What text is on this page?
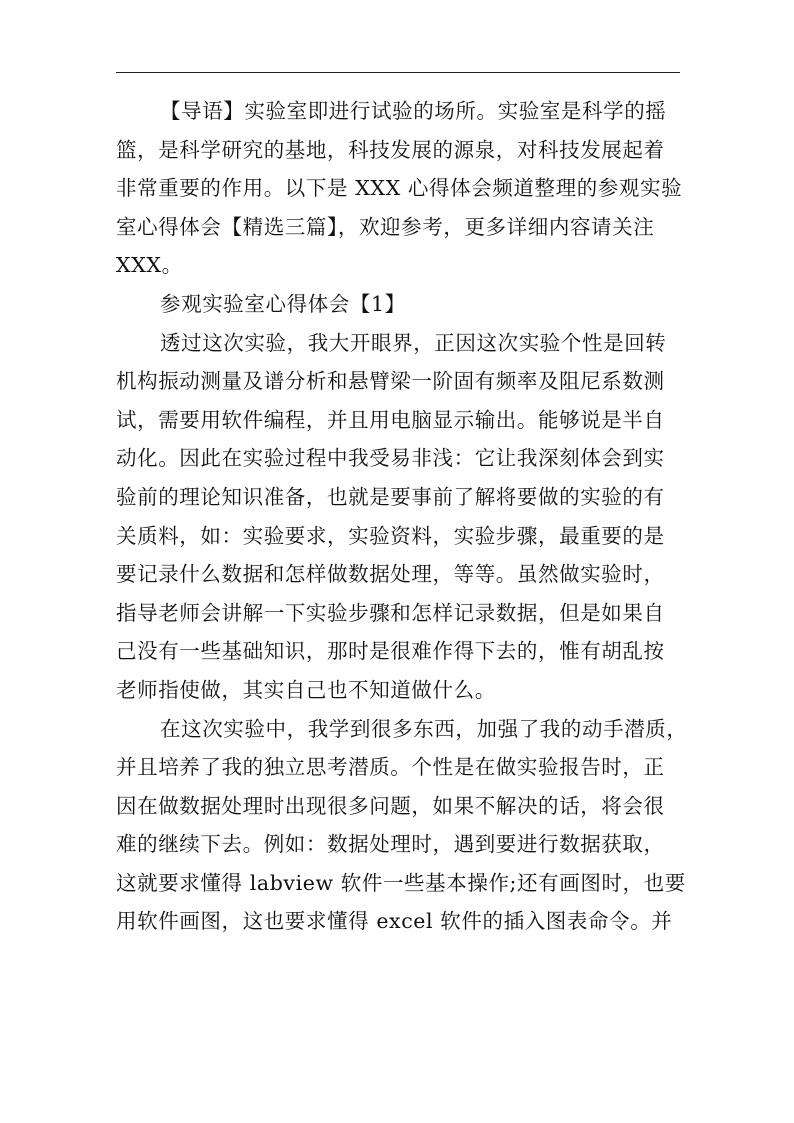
【导语】实验室即进行试验的场所。实验室是科学的摇
篮，是科学研究的基地，科技发展的源泉，对科技发展起着
非常重要的作用。以下是 XXX 心得体会频道整理的参观实验
室心得体会【精选三篇】，欢迎参考，更多详细内容请关注
XXX。
参观实验室心得体会【1】
透过这次实验，我大开眼界，正因这次实验个性是回转
机构振动测量及谱分析和悬臂梁一阶固有频率及阻尼系数测
试，需要用软件编程，并且用电脑显示输出。能够说是半自
动化。因此在实验过程中我受易非浅：它让我深刻体会到实
验前的理论知识准备，也就是要事前了解将要做的实验的有
关质料，如：实验要求，实验资料，实验步骤，最重要的是
要记录什么数据和怎样做数据处理，等等。虽然做实验时，
指导老师会讲解一下实验步骤和怎样记录数据，但是如果自
己没有一些基础知识，那时是很难作得下去的，惟有胡乱按
老师指使做，其实自己也不知道做什么。
在这次实验中，我学到很多东西，加强了我的动手潜质，
并且培养了我的独立思考潜质。个性是在做实验报告时，正
因在做数据处理时出现很多问题，如果不解决的话，将会很
难的继续下去。例如：数据处理时，遇到要进行数据获取，
这就要求懂得 labview 软件一些基本操作;还有画图时，也要
用软件画图，这也要求懂得 excel 软件的插入图表命令。并
